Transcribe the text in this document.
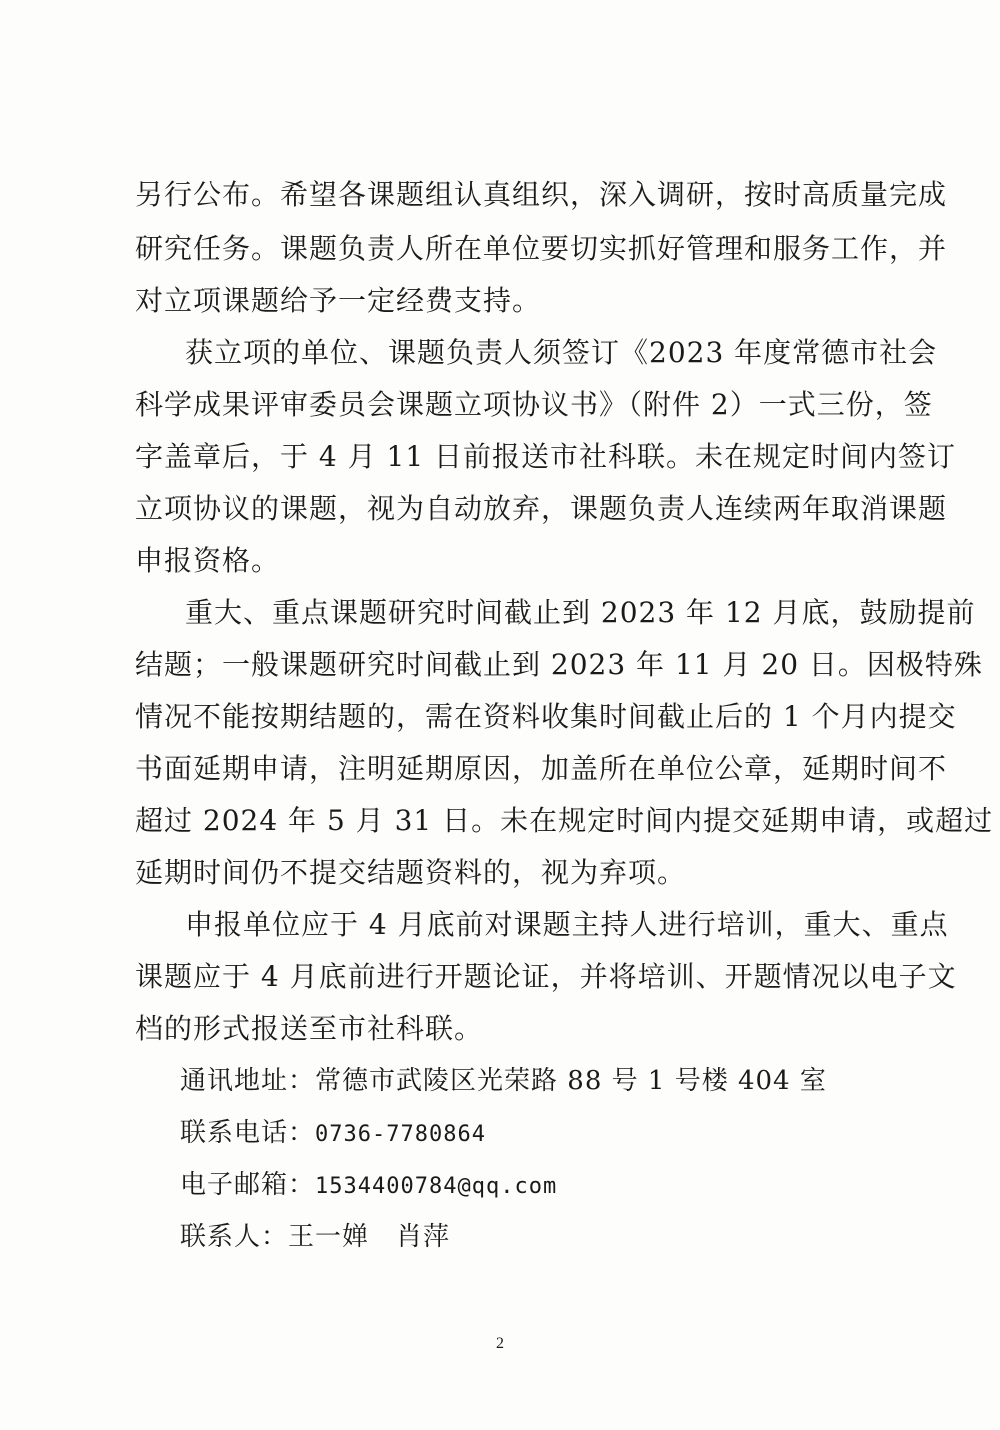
另行公布。希望各课题组认真组织，深入调研，按时高质量完成
研究任务。课题负责人所在单位要切实抓好管理和服务工作，并
对立项课题给予一定经费支持。
获立项的单位、课题负责人须签订《2023 年度常德市社会
科学成果评审委员会课题立项协议书》（附件 2）一式三份，签
字盖章后，于 4 月 11 日前报送市社科联。未在规定时间内签订
立项协议的课题，视为自动放弃，课题负责人连续两年取消课题
申报资格。
重大、重点课题研究时间截止到 2023 年 12 月底，鼓励提前
结题；一般课题研究时间截止到 2023 年 11 月 20 日。因极特殊
情况不能按期结题的，需在资料收集时间截止后的 1 个月内提交
书面延期申请，注明延期原因，加盖所在单位公章，延期时间不
超过 2024 年 5 月 31 日。未在规定时间内提交延期申请，或超过
延期时间仍不提交结题资料的，视为弃项。
申报单位应于 4 月底前对课题主持人进行培训，重大、重点
课题应于 4 月底前进行开题论证，并将培训、开题情况以电子文
档的形式报送至市社科联。
通讯地址：常德市武陵区光荣路 88 号 1 号楼 404 室
联系电话：0736-7780864
电子邮箱：1534400784@qq.com
联系人：王一婵　肖萍
2
